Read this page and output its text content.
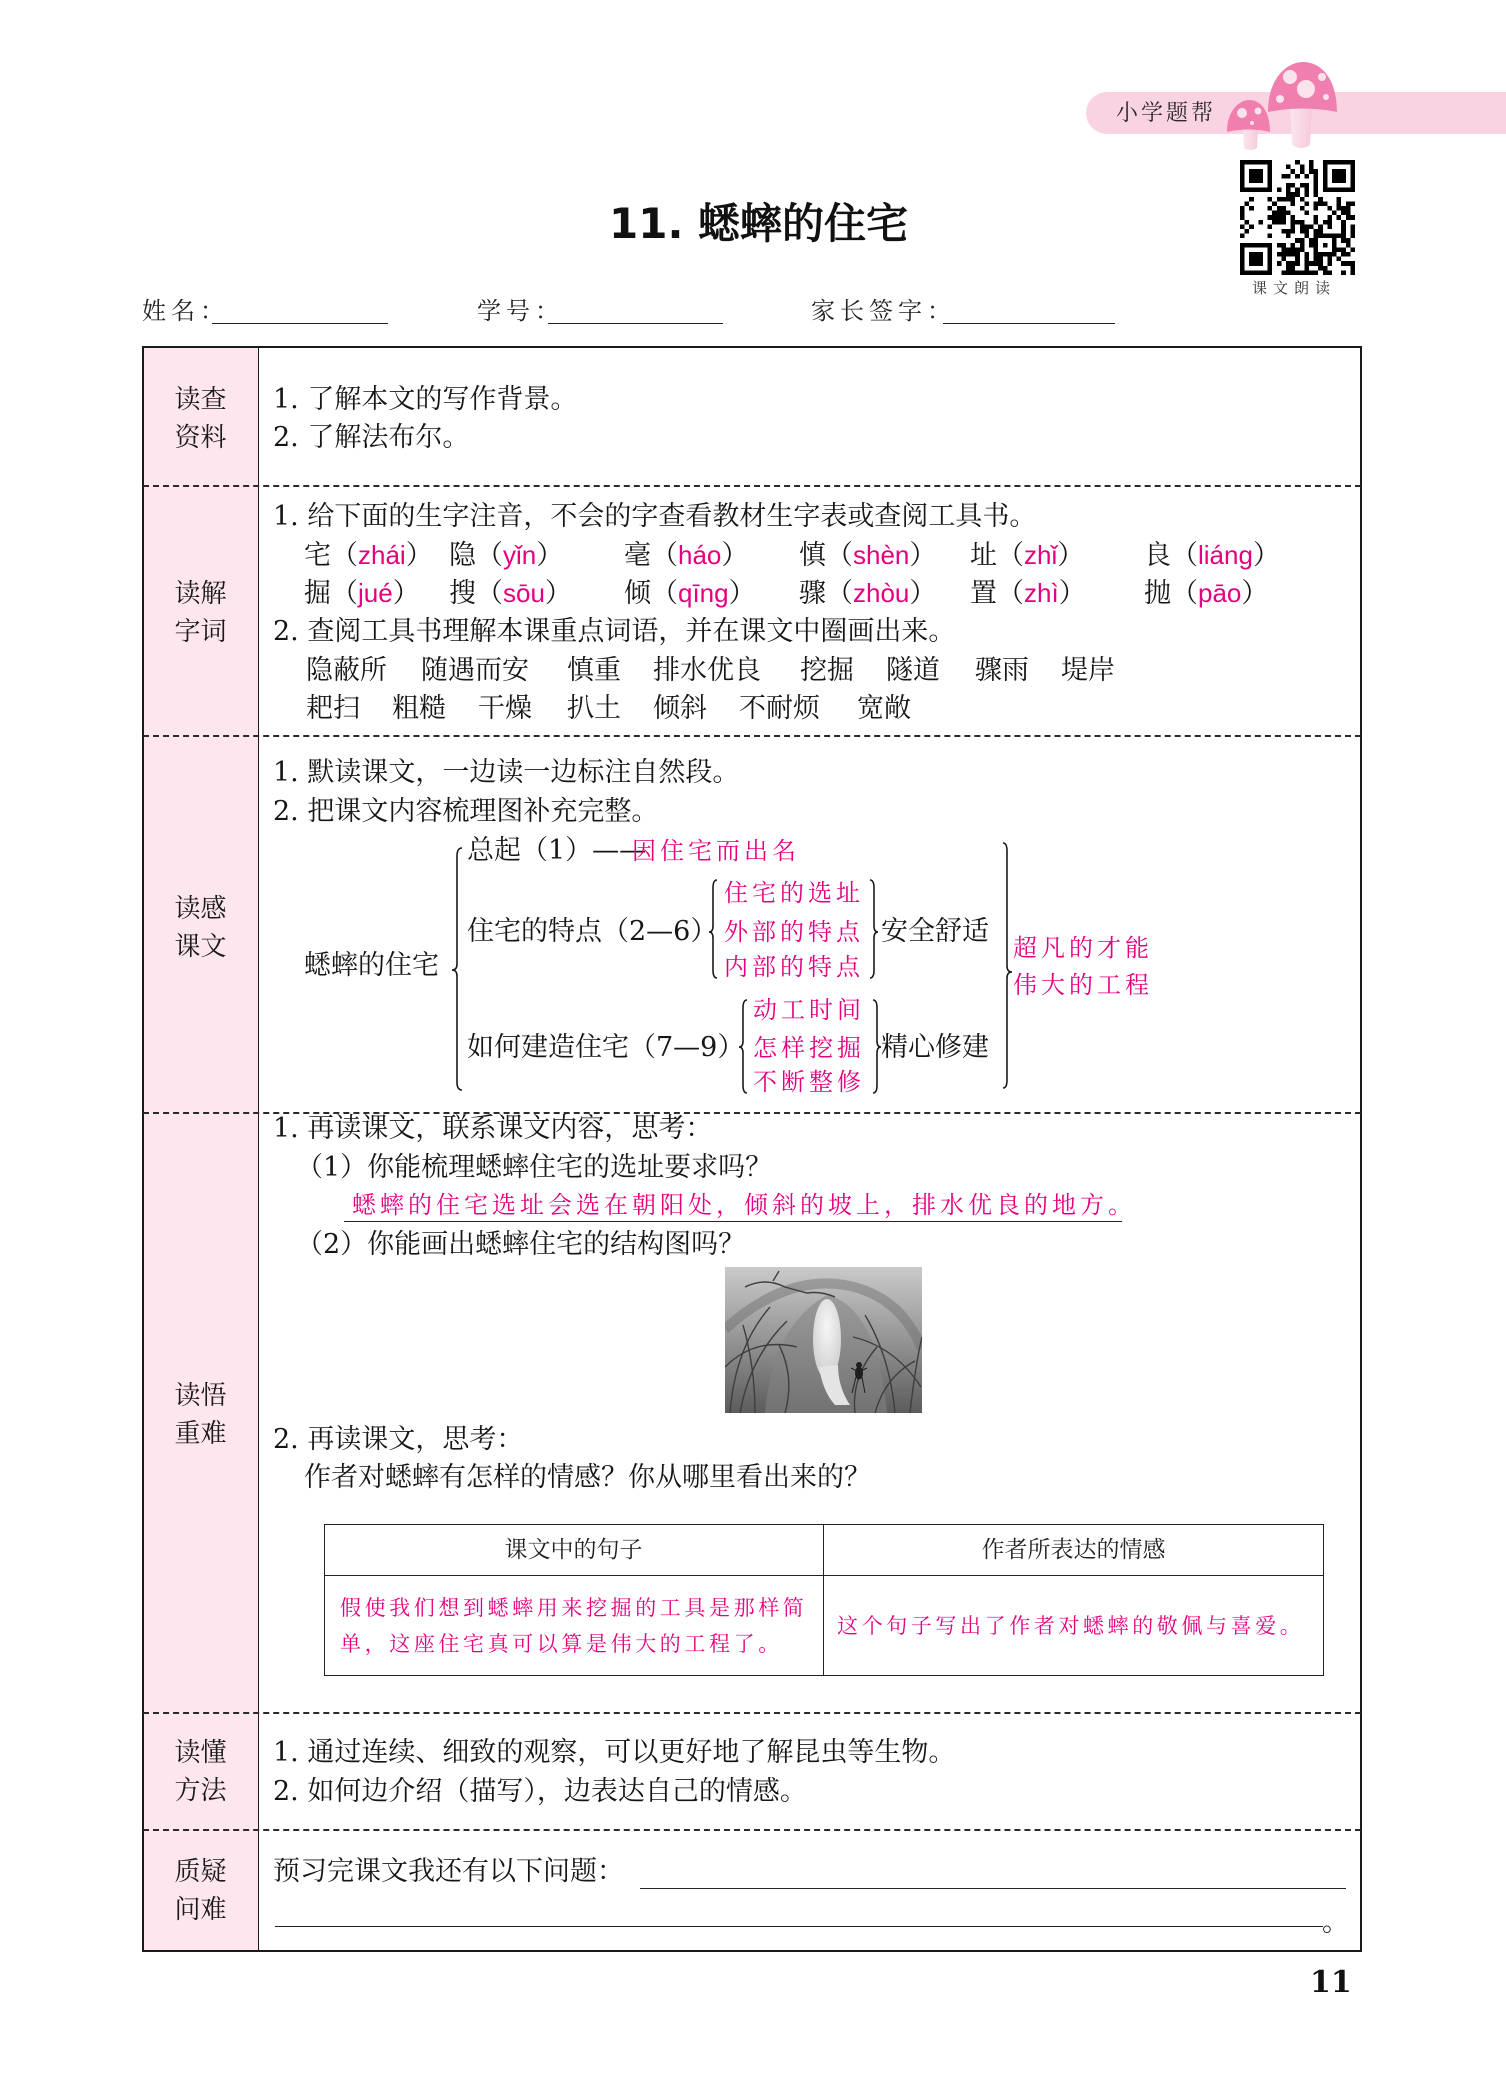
小学题帮
课文朗读
11. 蟋蟀的住宅
姓名：	学号：	家长签字：
读查
资料
1. 了解本文的写作背景。
2. 了解法布尔。
读解
字词
1. 给下面的生字注音，不会的字查看教材生字表或查阅工具书。
宅（zhái） 隐（yǐn） 毫（háo） 慎（shèn） 址（zhǐ） 良（liáng）
掘（jué） 搜（sōu） 倾（qīng） 骤（zhòu） 置（zhì） 抛（pāo）
2. 查阅工具书理解本课重点词语，并在课文中圈画出来。
隐蔽所 随遇而安 慎重 排水优良 挖掘 隧道 骤雨 堤岸
耙扫 粗糙 干燥 扒土 倾斜 不耐烦 宽敞
读感
课文
1. 默读课文，一边读一边标注自然段。
2. 把课文内容梳理图补充完整。
蟋蟀的住宅
总起（1）——
因住宅而出名
住宅的特点（2—6）
住宅的选址
外部的特点
内部的特点
安全舒适
如何建造住宅（7—9）
动工时间
怎样挖掘
不断整修
精心修建
超凡的才能
伟大的工程
读悟
重难
1. 再读课文，联系课文内容，思考：
（1）你能梳理蟋蟀住宅的选址要求吗？
蟋蟀的住宅选址会选在朝阳处，倾斜的坡上，排水优良的地方。
（2）你能画出蟋蟀住宅的结构图吗？
2. 再读课文，思考：
作者对蟋蟀有怎样的情感？你从哪里看出来的？
课文中的句子	作者所表达的情感
假使我们想到蟋蟀用来挖掘的工具是那样简单，这座住宅真可以算是伟大的工程了。
这个句子写出了作者对蟋蟀的敬佩与喜爱。
读懂
方法
1. 通过连续、细致的观察，可以更好地了解昆虫等生物。
2. 如何边介绍（描写），边表达自己的情感。
质疑
问难
预习完课文我还有以下问题：
。
11
